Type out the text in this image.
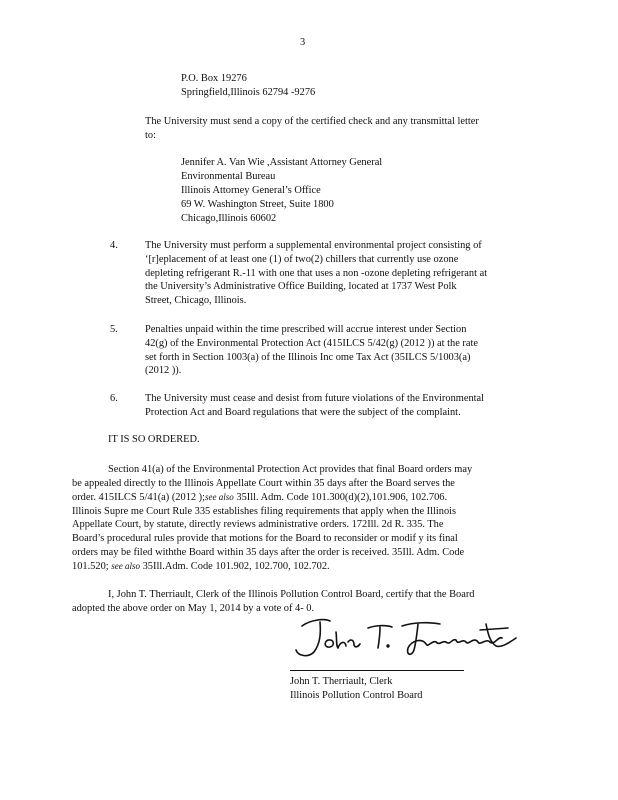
3
P.O. Box 19276
Springfield,Illinois 62794 -9276
The University must send a copy of the certified check and any transmittal letter
to:
Jennifer A. Van Wie ,Assistant Attorney General
Environmental Bureau
Illinois Attorney General’s Office
69 W. Washington Street, Suite 1800
Chicago,Illinois 60602
4.	The University must perform a supplemental environmental project consisting of
‘[r]eplacement of at least one (1) of two(2) chillers that currently use ozone
depleting refrigerant R.-11 with one that uses a non -ozone depleting refrigerant at
the University’s Administrative Office Building, located at 1737 West Polk
Street, Chicago, Illinois.
5.	Penalties unpaid within the time prescribed will accrue interest under Section
42(g) of the Environmental Protection Act (415ILCS 5/42(g) (2012 )) at the rate
set forth in Section 1003(a) of the Illinois Inc ome Tax Act (35ILCS 5/1003(a)
(2012 )).
6.	The University must cease and desist from future violations of the Environmental
Protection Act and Board regulations that were the subject of the complaint.
IT IS SO ORDERED.
Section 41(a) of the Environmental Protection Act provides that final Board orders may
be appealed directly to the Illinois Appellate Court within 35 days after the Board serves the
order. 415ILCS 5/41(a) (2012 );see also 35Ill. Adm. Code 101.300(d)(2),101.906, 102.706.
Illinois Supre me Court Rule 335 establishes filing requirements that apply when the Illinois
Appellate Court, by statute, directly reviews administrative orders. 172Ill. 2d R. 335. The
Board’s procedural rules provide that motions for the Board to reconsider or modif y its final
orders may be filed withthe Board within 35 days after the order is received. 35Ill. Adm. Code
101.520; see also 35Ill.Adm. Code 101.902, 102.700, 102.702.
I, John T. Therriault, Clerk of the Illinois Pollution Control Board, certify that the Board
adopted the above order on May 1, 2014 by a vote of 4- 0.
John T. Therriault, Clerk
Illinois Pollution Control Board
